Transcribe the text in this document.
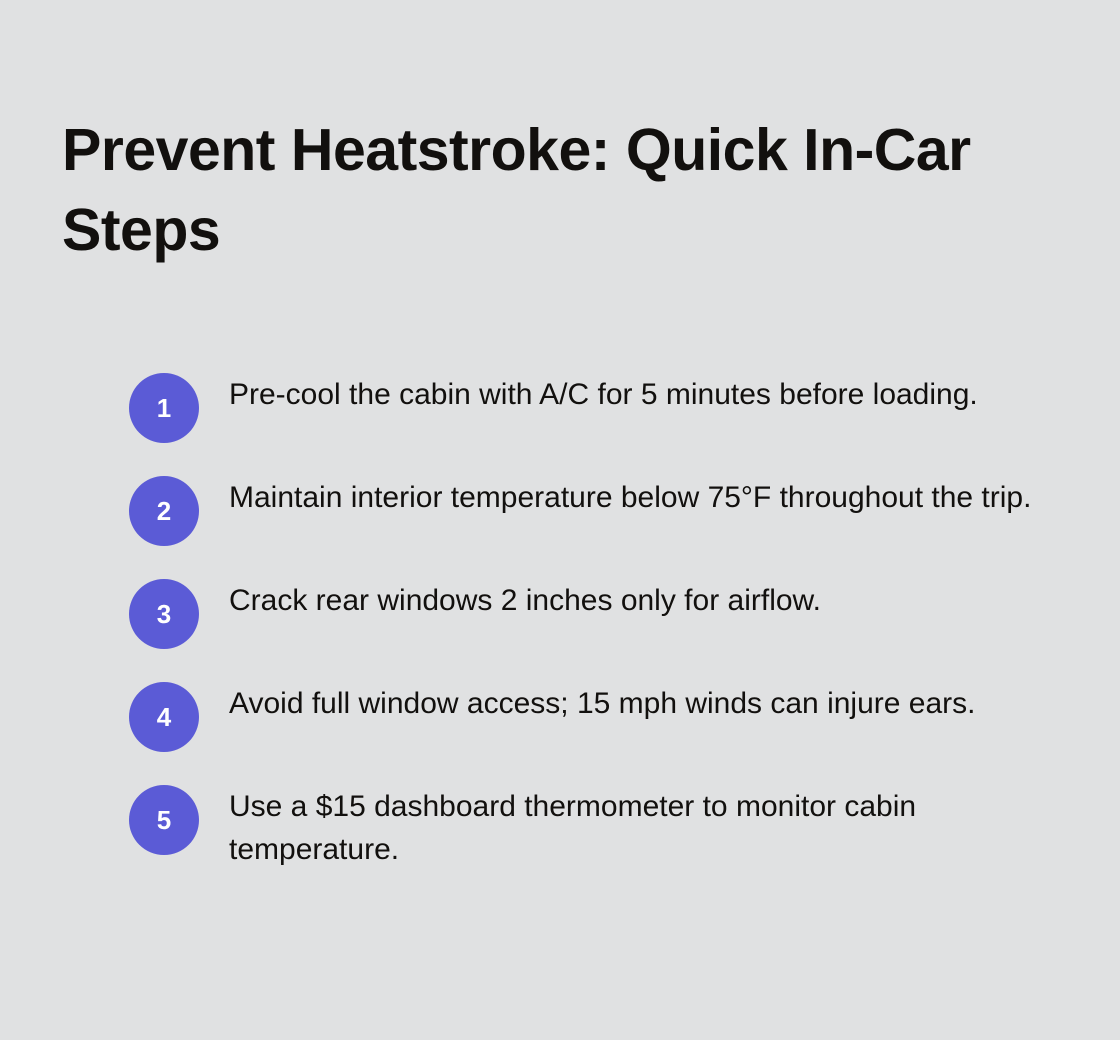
Prevent Heatstroke: Quick In-Car Steps
1	Pre-cool the cabin with A/C for 5 minutes before loading.
2	Maintain interior temperature below 75°F throughout the trip.
3	Crack rear windows 2 inches only for airflow.
4	Avoid full window access; 15 mph winds can injure ears.
5	Use a $15 dashboard thermometer to monitor cabin temperature.
